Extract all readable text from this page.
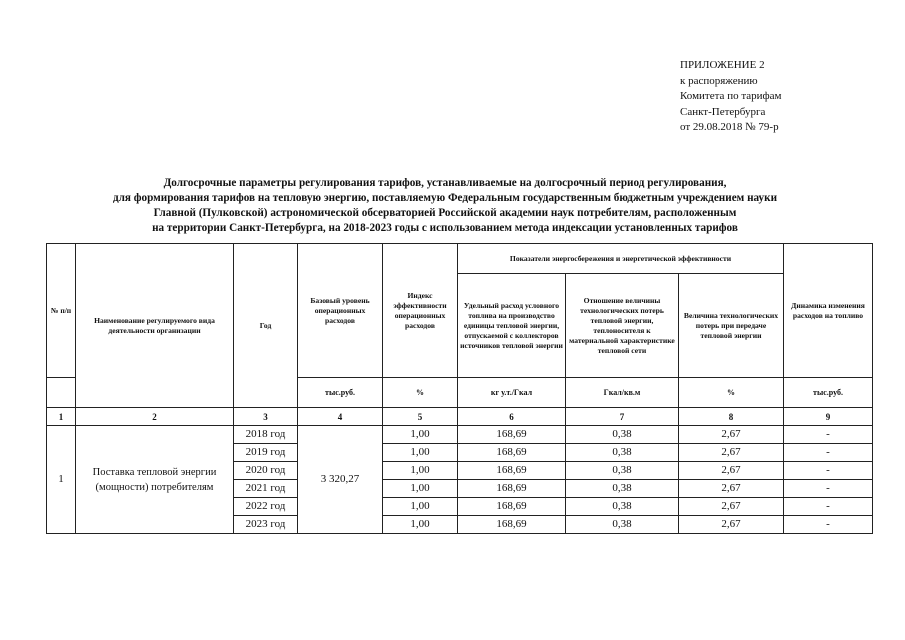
ПРИЛОЖЕНИЕ 2
к распоряжению
Комитета по тарифам
Санкт-Петербурга
от 29.08.2018 № 79-р
Долгосрочные параметры регулирования тарифов, устанавливаемые на долгосрочный период регулирования,
для формирования тарифов на тепловую энергию, поставляемую Федеральным государственным бюджетным учреждением науки
Главной (Пулковской) астрономической обсерваторией Российской академии наук потребителям, расположенным
на территории Санкт-Петербурга, на 2018-2023 годы с использованием метода индексации установленных тарифов
№ п/п	Наименование регулируемого вида деятельности организации	Год	Базовый уровень операционных расходов	Индекс эффективности операционных расходов	Показатели энергосбережения и энергетической эффективности			Динамика изменения расходов на топливо
					Удельный расход условного топлива на производство единицы тепловой энергии, отпускаемой с коллекторов источников тепловой энергии	Отношение величины технологических потерь тепловой энергии, теплоносителя к материальной характеристике тепловой сети	Величина технологических потерь при передаче тепловой энергии	
			тыс.руб.	%	кг у.т./Гкал	Гкал/кв.м	%	тыс.руб.
1	2	3	4	5	6	7	8	9
1	Поставка тепловой энергии (мощности) потребителям	2018 год	3 320,27	1,00	168,69	0,38	2,67	-
		2019 год		1,00	168,69	0,38	2,67	-
		2020 год		1,00	168,69	0,38	2,67	-
		2021 год		1,00	168,69	0,38	2,67	-
		2022 год		1,00	168,69	0,38	2,67	-
		2023 год		1,00	168,69	0,38	2,67	-
